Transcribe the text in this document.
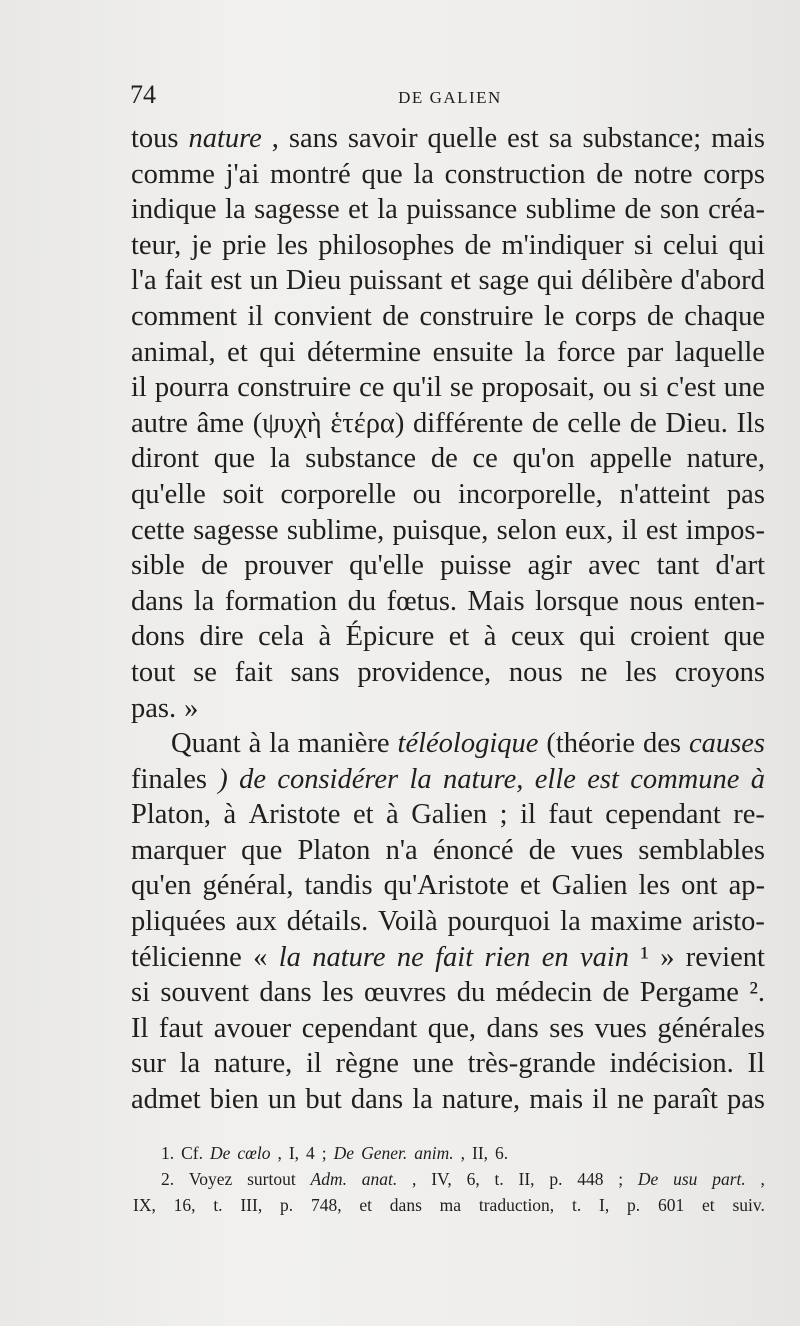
74	DE GALIEN
tous nature , sans savoir quelle est sa substance; mais
comme j'ai montré que la construction de notre corps
indique la sagesse et la puissance sublime de son créa-
teur, je prie les philosophes de m'indiquer si celui qui
l'a fait est un Dieu puissant et sage qui délibère d'abord
comment il convient de construire le corps de chaque
animal, et qui détermine ensuite la force par laquelle
il pourra construire ce qu'il se proposait, ou si c'est une
autre âme (ψυχὴ ἑτέρα) différente de celle de Dieu. Ils
diront que la substance de ce qu'on appelle nature,
qu'elle soit corporelle ou incorporelle, n'atteint pas
cette sagesse sublime, puisque, selon eux, il est impos-
sible de prouver qu'elle puisse agir avec tant d'art
dans la formation du fœtus. Mais lorsque nous enten-
dons dire cela à Épicure et à ceux qui croient que
tout se fait sans providence, nous ne les croyons
pas. »
Quant à la manière téléologique (théorie des causes
finales ) de considérer la nature, elle est commune à
Platon, à Aristote et à Galien ; il faut cependant re-
marquer que Platon n'a énoncé de vues semblables
qu'en général, tandis qu'Aristote et Galien les ont ap-
pliquées aux détails. Voilà pourquoi la maxime aristo-
télicienne « la nature ne fait rien en vain ¹ » revient
si souvent dans les œuvres du médecin de Pergame ².
Il faut avouer cependant que, dans ses vues générales
sur la nature, il règne une très-grande indécision. Il
admet bien un but dans la nature, mais il ne paraît pas
1. Cf. De cœlo , I, 4 ; De Gener. anim. , II, 6.
2. Voyez surtout Adm. anat. , IV, 6, t. II, p. 448 ; De usu part. ,
IX, 16, t. III, p. 748, et dans ma traduction, t. I, p. 601 et suiv.
